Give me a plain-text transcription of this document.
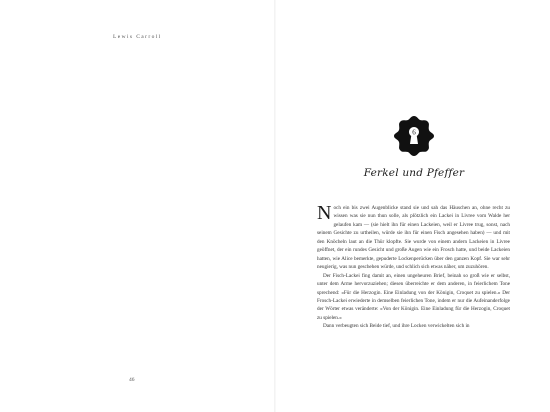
Lewis Carroll
46
6
Ferkel und Pfeffer

Noch ein bis zwei Augenblicke stand sie und sah das Häuschen an, ohne recht zu wissen was sie nun thun solle, als plötzlich ein Lackei in Livree vom Walde her gelaufen kam — (sie hielt ihn für einen Lackeien, weil er Livree trug, sonst, nach seinem Gesichte zu urtheilen, würde sie ihn für einen Fisch angesehen haben) — und mit den Knöcheln laut an die Thür klopfte. Sie wurde von einem andern Lackeien in Livree geöffnet, der ein rundes Gesicht und große Augen wie ein Frosch hatte, und beide Lackeien hatten, wie Alice bemerkte, gepuderte Lockenperücken über den ganzen Kopf. Sie war sehr neugierig, was nun geschehen würde, und schlich sich etwas näher, um zuzuhören.

Der Fisch-Lackei fing damit an, einen ungeheuren Brief, beinah so groß wie er selbst, unter dem Arme hervorzuziehen; diesen überreichte er dem anderen, in feierlichem Tone sprechend: »Für die Herzogin. Eine Einladung von der Königin, Croquet zu spielen.« Der Frosch-Lackei erwiederte in demselben feierlichen Tone, indem er nur die Aufeinanderfolge der Wörter etwas veränderte: »Von der Königin. Eine Einladung für die Herzogin, Croquet zu spielen.«

Dann verbeugten sich Beide tief, und ihre Locken verwickelten sich in
